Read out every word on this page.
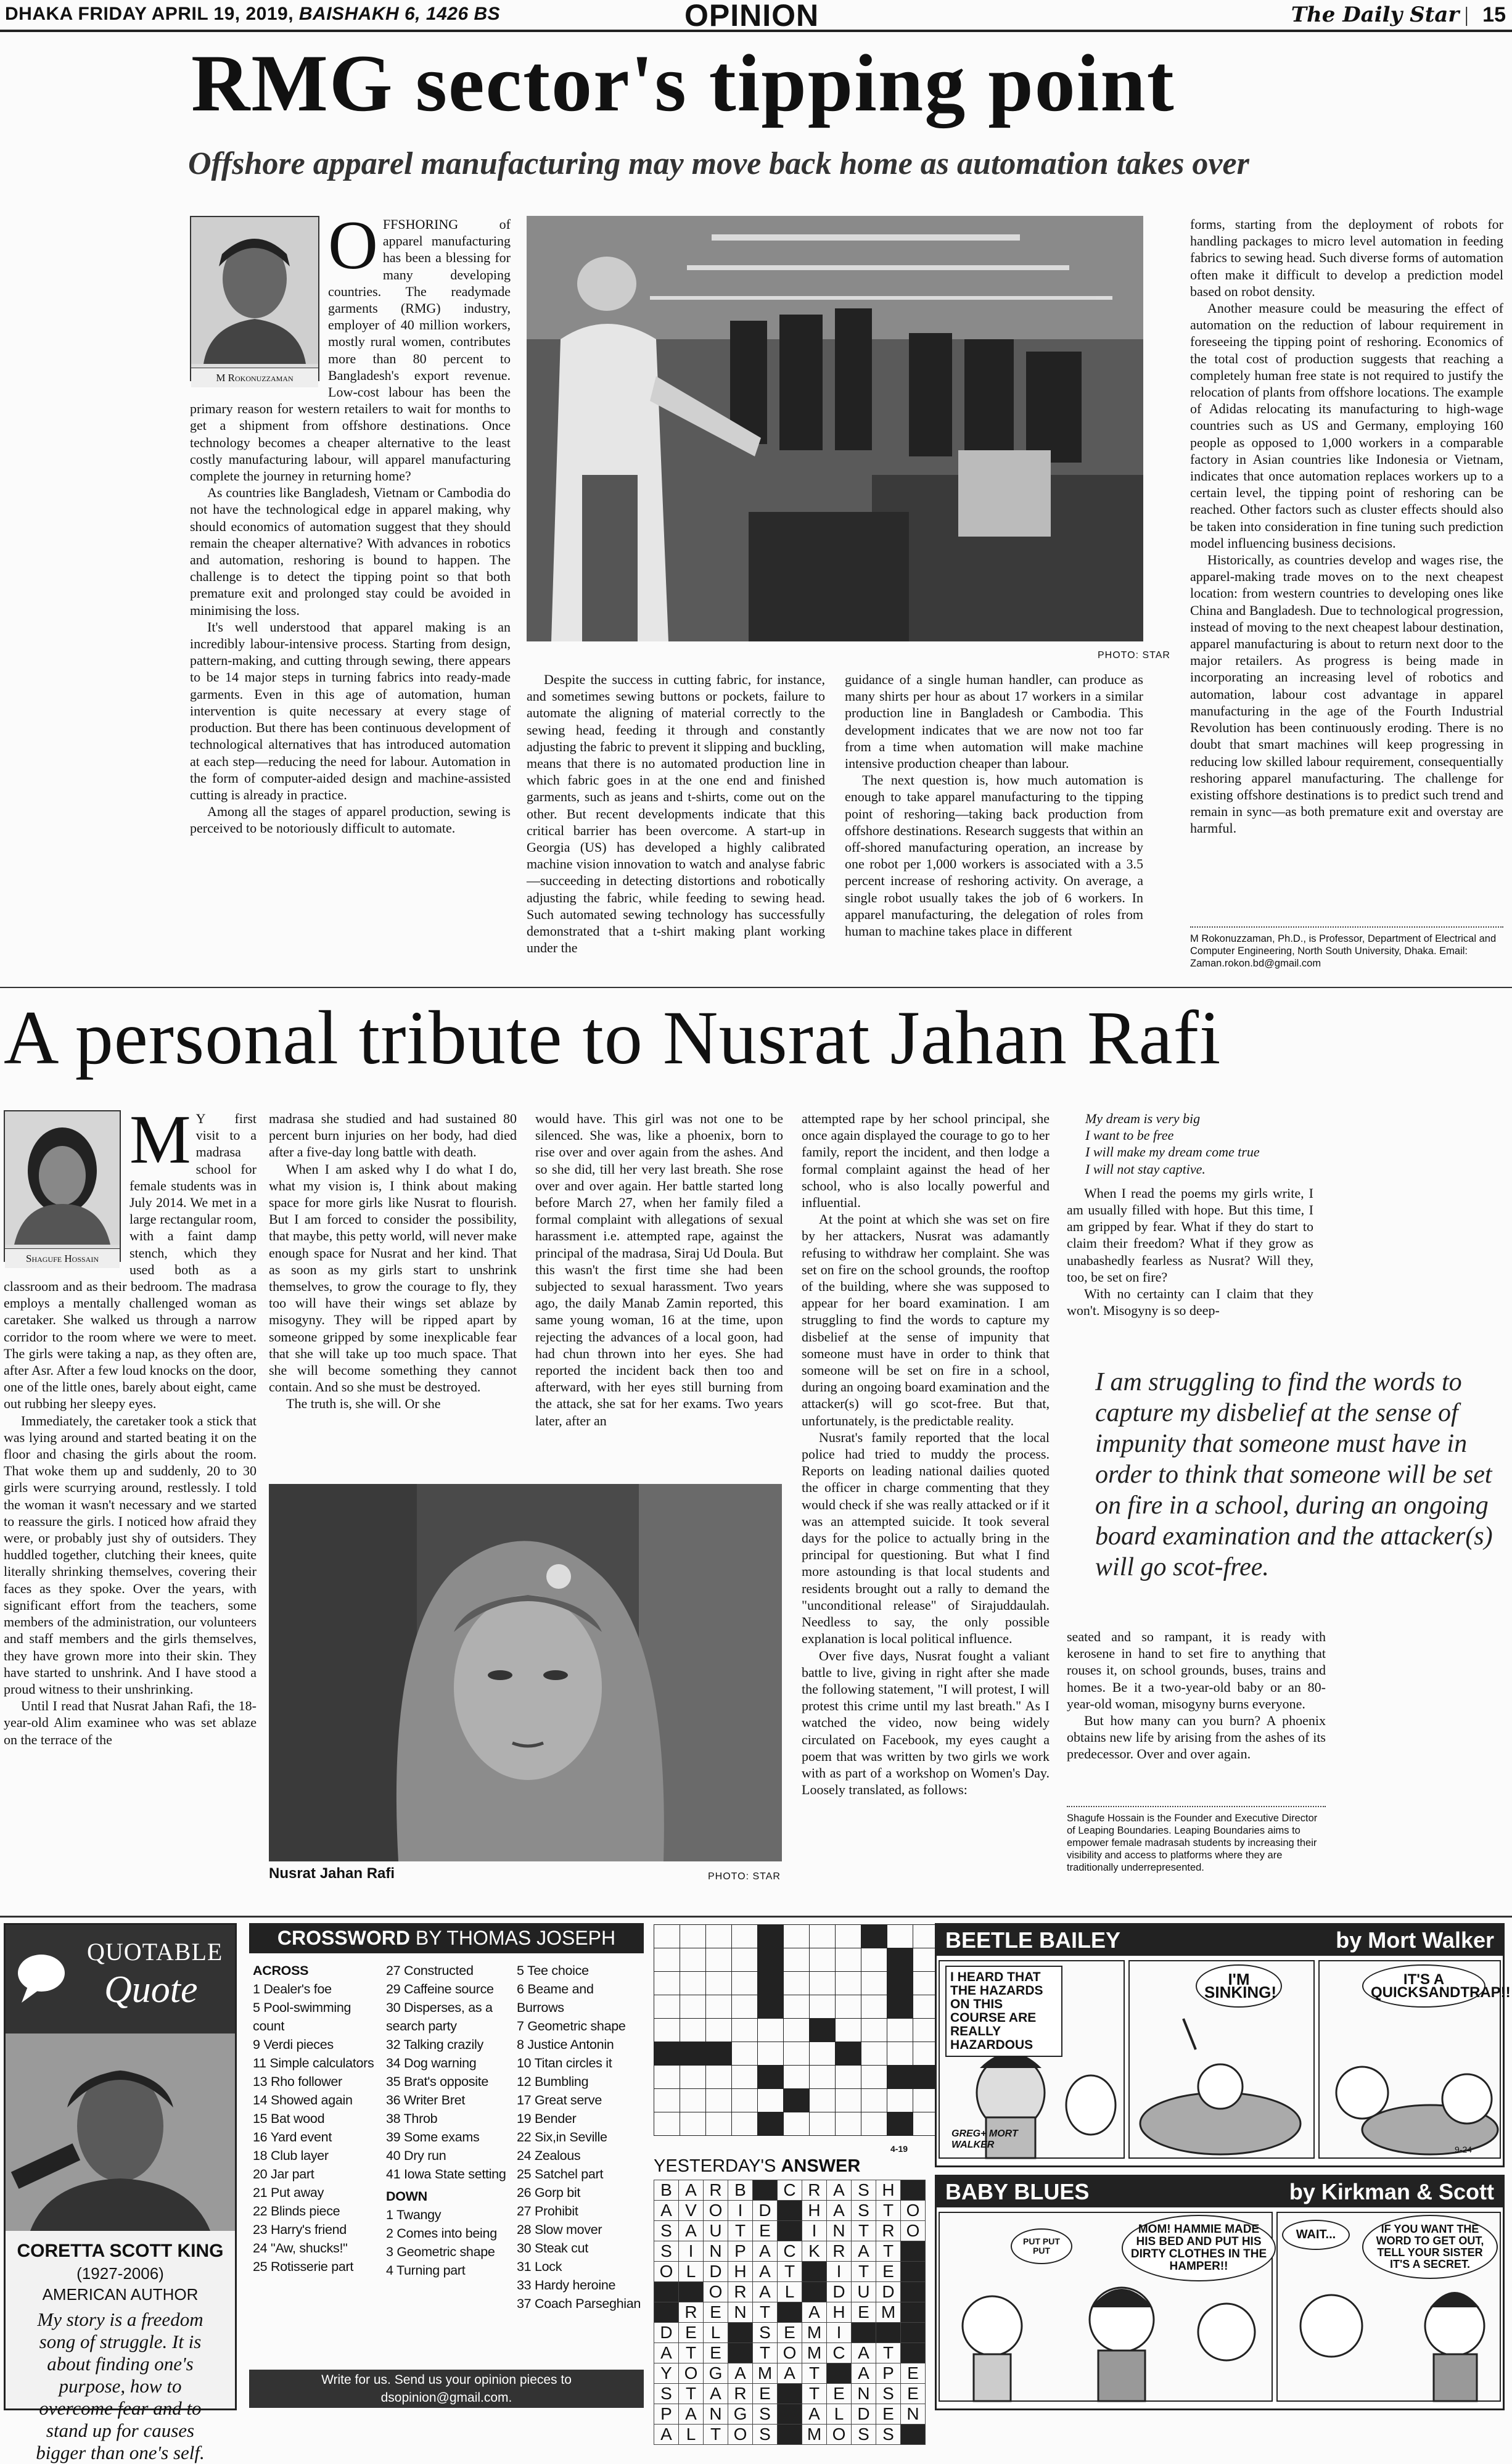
DHAKA FRIDAY APRIL 19, 2019, BAISHAKH 6, 1426 BS	OPINION	The Daily Star | 15
RMG sector's tipping point
Offshore apparel manufacturing may move back home as automation takes over
M Rokonuzzaman
O FFSHORING of apparel manufacturing has been a blessing for many developing countries. The readymade garments (RMG) industry, employer of 40 million workers, mostly rural women, contributes more than 80 percent to Bangladesh's export revenue. Low-cost labour has been the primary reason for western retailers to wait for months to get a shipment from offshore destinations. Once technology becomes a cheaper alternative to the least costly manufacturing labour, will apparel manufacturing complete the journey in returning home?

As countries like Bangladesh, Vietnam or Cambodia do not have the technological edge in apparel making, why should economics of automation suggest that they should remain the cheaper alternative? With advances in robotics and automation, reshoring is bound to happen. The challenge is to detect the tipping point so that both premature exit and prolonged stay could be avoided in minimising the loss.

It's well understood that apparel making is an incredibly labour-intensive process. Starting from design, pattern-making, and cutting through sewing, there appears to be 14 major steps in turning fabrics into ready-made garments. Even in this age of automation, human intervention is quite necessary at every stage of production. But there has been continuous development of technological alternatives that has introduced automation at each step—reducing the need for labour. Automation in the form of computer-aided design and machine-assisted cutting is already in practice.

Among all the stages of apparel production, sewing is perceived to be notoriously difficult to automate.

PHOTO: STAR

Despite the success in cutting fabric, for instance, and sometimes sewing buttons or pockets, failure to automate the aligning of material correctly to the sewing head, feeding it through and constantly adjusting the fabric to prevent it slipping and buckling, means that there is no automated production line in which fabric goes in at the one end and finished garments, such as jeans and t-shirts, come out on the other. But recent developments indicate that this critical barrier has been overcome. A start-up in Georgia (US) has developed a highly calibrated machine vision innovation to watch and analyse fabric—succeeding in detecting distortions and robotically adjusting the fabric, while feeding to sewing head. Such automated sewing technology has successfully demonstrated that a t-shirt making plant working under the

guidance of a single human handler, can produce as many shirts per hour as about 17 workers in a similar production line in Bangladesh or Cambodia. This development indicates that we are now not too far from a time when automation will make machine intensive production cheaper than labour.

The next question is, how much automation is enough to take apparel manufacturing to the tipping point of reshoring—taking back production from offshore destinations. Research suggests that within an off-shored manufacturing operation, an increase by one robot per 1,000 workers is associated with a 3.5 percent increase of reshoring activity. On average, a single robot usually takes the job of 6 workers. In apparel manufacturing, the delegation of roles from human to machine takes place in different

forms, starting from the deployment of robots for handling packages to micro level automation in feeding fabrics to sewing head. Such diverse forms of automation often make it difficult to develop a prediction model based on robot density.

Another measure could be measuring the effect of automation on the reduction of labour requirement in foreseeing the tipping point of reshoring. Economics of the total cost of production suggests that reaching a completely human free state is not required to justify the relocation of plants from offshore locations. The example of Adidas relocating its manufacturing to high-wage countries such as US and Germany, employing 160 people as opposed to 1,000 workers in a comparable factory in Asian countries like Indonesia or Vietnam, indicates that once automation replaces workers up to a certain level, the tipping point of reshoring can be reached. Other factors such as cluster effects should also be taken into consideration in fine tuning such prediction model influencing business decisions.

Historically, as countries develop and wages rise, the apparel-making trade moves on to the next cheapest location: from western countries to developing ones like China and Bangladesh. Due to technological progression, instead of moving to the next cheapest labour destination, apparel manufacturing is about to return next door to the major retailers. As progress is being made in incorporating an increasing level of robotics and automation, labour cost advantage in apparel manufacturing in the age of the Fourth Industrial Revolution has been continuously eroding. There is no doubt that smart machines will keep progressing in reducing low skilled labour requirement, consequentially reshoring apparel manufacturing. The challenge for existing offshore destinations is to predict such trend and remain in sync—as both premature exit and overstay are harmful.

M Rokonuzzaman, Ph.D., is Professor, Department of Electrical and Computer Engineering, North South University, Dhaka. Email: Zaman.rokon.bd@gmail.com
A personal tribute to Nusrat Jahan Rafi
Shagufe Hossain
M Y first visit to a madrasa school for female students was in July 2014. We met in a large rectangular room, with a faint damp stench, which they used both as a classroom and as their bedroom. The madrasa employs a mentally challenged woman as caretaker. She walked us through a narrow corridor to the room where we were to meet. The girls were taking a nap, as they often are, after Asr. After a few loud knocks on the door, one of the little ones, barely about eight, came out rubbing her sleepy eyes.

Immediately, the caretaker took a stick that was lying around and started beating it on the floor and chasing the girls about the room. That woke them up and suddenly, 20 to 30 girls were scurrying around, restlessly. I told the woman it wasn't necessary and we started to reassure the girls. I noticed how afraid they were, or probably just shy of outsiders. They huddled together, clutching their knees, quite literally shrinking themselves, covering their faces as they spoke. Over the years, with significant effort from the teachers, some members of the administration, our volunteers and staff members and the girls themselves, they have grown more into their skin. They have started to unshrink. And I have stood a proud witness to their unshrinking.

Until I read that Nusrat Jahan Rafi, the 18-year-old Alim examinee who was set ablaze on the terrace of the

madrasa she studied and had sustained 80 percent burn injuries on her body, had died after a five-day long battle with death.

When I am asked why I do what I do, what my vision is, I think about making space for more girls like Nusrat to flourish. But I am forced to consider the possibility, that maybe, this petty world, will never make enough space for Nusrat and her kind. That as soon as my girls start to unshrink themselves, to grow the courage to fly, they too will have their wings set ablaze by misogyny. They will be ripped apart by someone gripped by some inexplicable fear that she will take up too much space. That she will become something they cannot contain. And so she must be destroyed.

The truth is, she will. Or she

would have. This girl was not one to be silenced. She was, like a phoenix, born to rise over and over again from the ashes. And so she did, till her very last breath. She rose over and over again. Her battle started long before March 27, when her family filed a formal complaint with allegations of sexual harassment i.e. attempted rape, against the principal of the madrasa, Siraj Ud Doula. But this wasn't the first time she had been subjected to sexual harassment. Two years ago, the daily Manab Zamin reported, this same young woman, 16 at the time, upon rejecting the advances of a local goon, had had chun thrown into her eyes. She had reported the incident back then too and afterward, with her eyes still burning from the attack, she sat for her exams. Two years later, after an

Nusrat Jahan Rafi	PHOTO: STAR

attempted rape by her school principal, she once again displayed the courage to go to her family, report the incident, and then lodge a formal complaint against the head of her school, who is also locally powerful and influential.

At the point at which she was set on fire by her attackers, Nusrat was adamantly refusing to withdraw her complaint. She was set on fire on the school grounds, the rooftop of the building, where she was supposed to appear for her board examination. I am struggling to find the words to capture my disbelief at the sense of impunity that someone must have in order to think that someone will be set on fire in a school, during an ongoing board examination and the attacker(s) will go scot-free. But that, unfortunately, is the predictable reality.

Nusrat's family reported that the local police had tried to muddy the process. Reports on leading national dailies quoted the officer in charge commenting that they would check if she was really attacked or if it was an attempted suicide. It took several days for the police to actually bring in the principal for questioning. But what I find more astounding is that local students and residents brought out a rally to demand the "unconditional release" of Sirajuddaulah. Needless to say, the only possible explanation is local political influence.

Over five days, Nusrat fought a valiant battle to live, giving in right after she made the following statement, "I will protest, I will protest this crime until my last breath." As I watched the video, now being widely circulated on Facebook, my eyes caught a poem that was written by two girls we work with as part of a workshop on Women's Day. Loosely translated, as follows:

My dream is very big
I want to be free
I will make my dream come true
I will not stay captive.

When I read the poems my girls write, I am usually filled with hope. But this time, I am gripped by fear. What if they do start to claim their freedom? What if they grow as unabashedly fearless as Nusrat? Will they, too, be set on fire?

With no certainty can I claim that they won't. Misogyny is so deep-

I am struggling to find the words to capture my disbelief at the sense of impunity that someone must have in order to think that someone will be set on fire in a school, during an ongoing board examination and the attacker(s) will go scot-free.

seated and so rampant, it is ready with kerosene in hand to set fire to anything that rouses it, on school grounds, buses, trains and homes. Be it a two-year-old baby or an 80-year-old woman, misogyny burns everyone.

But how many can you burn? A phoenix obtains new life by arising from the ashes of its predecessor. Over and over again.

Shagufe Hossain is the Founder and Executive Director of Leaping Boundaries. Leaping Boundaries aims to empower female madrasah students by increasing their visibility and access to platforms where they are traditionally underrepresented.
QUOTABLE
Quote
CORETTA SCOTT KING
(1927-2006)
AMERICAN AUTHOR
My story is a freedom song of struggle. It is about finding one's purpose, how to overcome fear and to stand up for causes bigger than one's self.
CROSSWORD BY THOMAS JOSEPH
ACROSS
1 Dealer's foe
5 Pool-swimming count
9 Verdi pieces
11 Simple calculators
13 Rho follower
14 Showed again
15 Bat wood
16 Yard event
18 Club layer
20 Jar part
21 Put away
22 Blinds piece
23 Harry's friend
24 "Aw, shucks!"
25 Rotisserie part
27 Constructed
29 Caffeine source
30 Disperses, as a search party
32 Talking crazily
34 Dog warning
35 Brat's opposite
36 Writer Bret
38 Throb
39 Some exams
40 Dry run
41 Iowa State setting
DOWN
1 Twangy
2 Comes into being
3 Geometric shape
4 Turning part
5 Tee choice
6 Beame and Burrows
7 Geometric shape
8 Justice Antonin
10 Titan circles it
12 Bumbling
17 Great serve
19 Bender
22 Six,in Seville
24 Zealous
25 Satchel part
26 Gorp bit
27 Prohibit
28 Slow mover
30 Steak cut
31 Lock
33 Hardy heroine
37 Coach Parseghian
Write for us. Send us your opinion pieces to
dsopinion@gmail.com.

4-19
YESTERDAY'S ANSWER
B	A	R	B		C	R	A	S	H	
A	V	O	I	D		H	A	S	T	O
S	A	U	T	E		I	N	T	R	O
S	I	N	P	A	C	K	R	A	T	
O	L	D	H	A	T		I	T	E	
		O	R	A	L		D	U	D	
	R	E	N	T		A	H	E	M	
D	E	L		S	E	M	I			
A	T	E		T	O	M	C	A	T	
Y	O	G	A	M	A	T		A	P	E
S	T	A	R	E		T	E	N	S	E
P	A	N	G	S		A	L	D	E	N
A	L	T	O	S		M	O	S	S	
BEETLE BAILEY	by Mort Walker
I HEARD THAT THE HAZARDS ON THIS COURSE ARE REALLY HAZARDOUS
I'M SINKING!
IT'S A QUICKSANDTRAP!!
GREG+ MORT WALKER	9-24
BABY BLUES	by Kirkman & Scott
PUT PUT PUT
MOM! HAMMIE MADE HIS BED AND PUT HIS DIRTY CLOTHES IN THE HAMPER!!
WAIT...	IF YOU WANT THE WORD TO GET OUT, TELL YOUR SISTER IT'S A SECRET.
